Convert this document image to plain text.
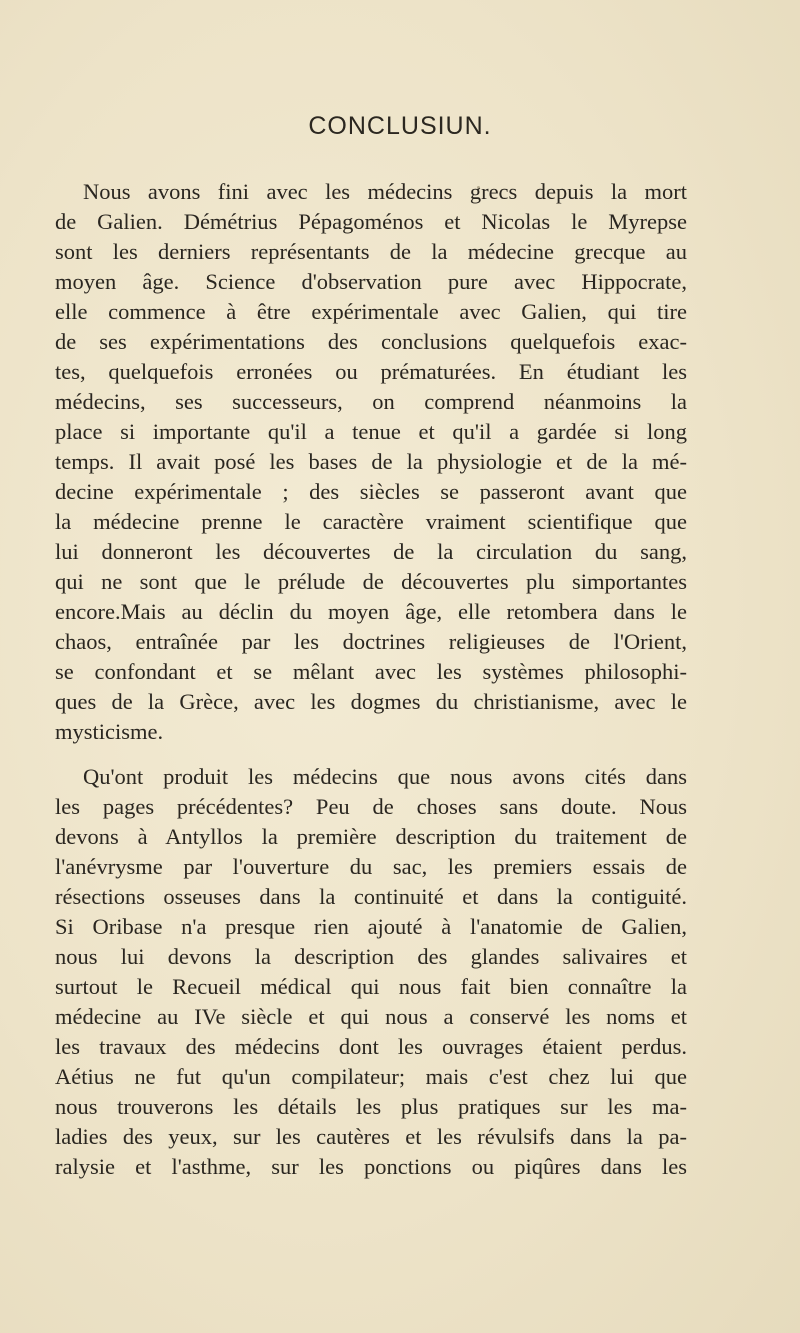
CONCLUSIUN.
Nous avons fini avec les médecins grecs depuis la mort
de Galien. Démétrius Pépagoménos et Nicolas le Myrepse
sont les derniers représentants de la médecine grecque au
moyen âge. Science d'observation pure avec Hippocrate,
elle commence à être expérimentale avec Galien, qui tire
de ses expérimentations des conclusions quelquefois exac-
tes, quelquefois erronées ou prématurées. En étudiant les
médecins, ses successeurs, on comprend néanmoins la
place si importante qu'il a tenue et qu'il a gardée si long
temps. Il avait posé les bases de la physiologie et de la mé-
decine expérimentale ; des siècles se passeront avant que
la médecine prenne le caractère vraiment scientifique que
lui donneront les découvertes de la circulation du sang,
qui ne sont que le prélude de découvertes plu simportantes
encore.Mais au déclin du moyen âge, elle retombera dans le
chaos, entraînée par les doctrines religieuses de l'Orient,
se confondant et se mêlant avec les systèmes philosophi-
ques de la Grèce, avec les dogmes du christianisme, avec le
mysticisme.
Qu'ont produit les médecins que nous avons cités dans
les pages précédentes? Peu de choses sans doute. Nous
devons à Antyllos la première description du traitement de
l'anévrysme par l'ouverture du sac, les premiers essais de
résections osseuses dans la continuité et dans la contiguité.
Si Oribase n'a presque rien ajouté à l'anatomie de Galien,
nous lui devons la description des glandes salivaires et
surtout le Recueil médical qui nous fait bien connaître la
médecine au IVe siècle et qui nous a conservé les noms et
les travaux des médecins dont les ouvrages étaient perdus.
Aétius ne fut qu'un compilateur; mais c'est chez lui que
nous trouverons les détails les plus pratiques sur les ma-
ladies des yeux, sur les cautères et les révulsifs dans la pa-
ralysie et l'asthme, sur les ponctions ou piqûres dans les
